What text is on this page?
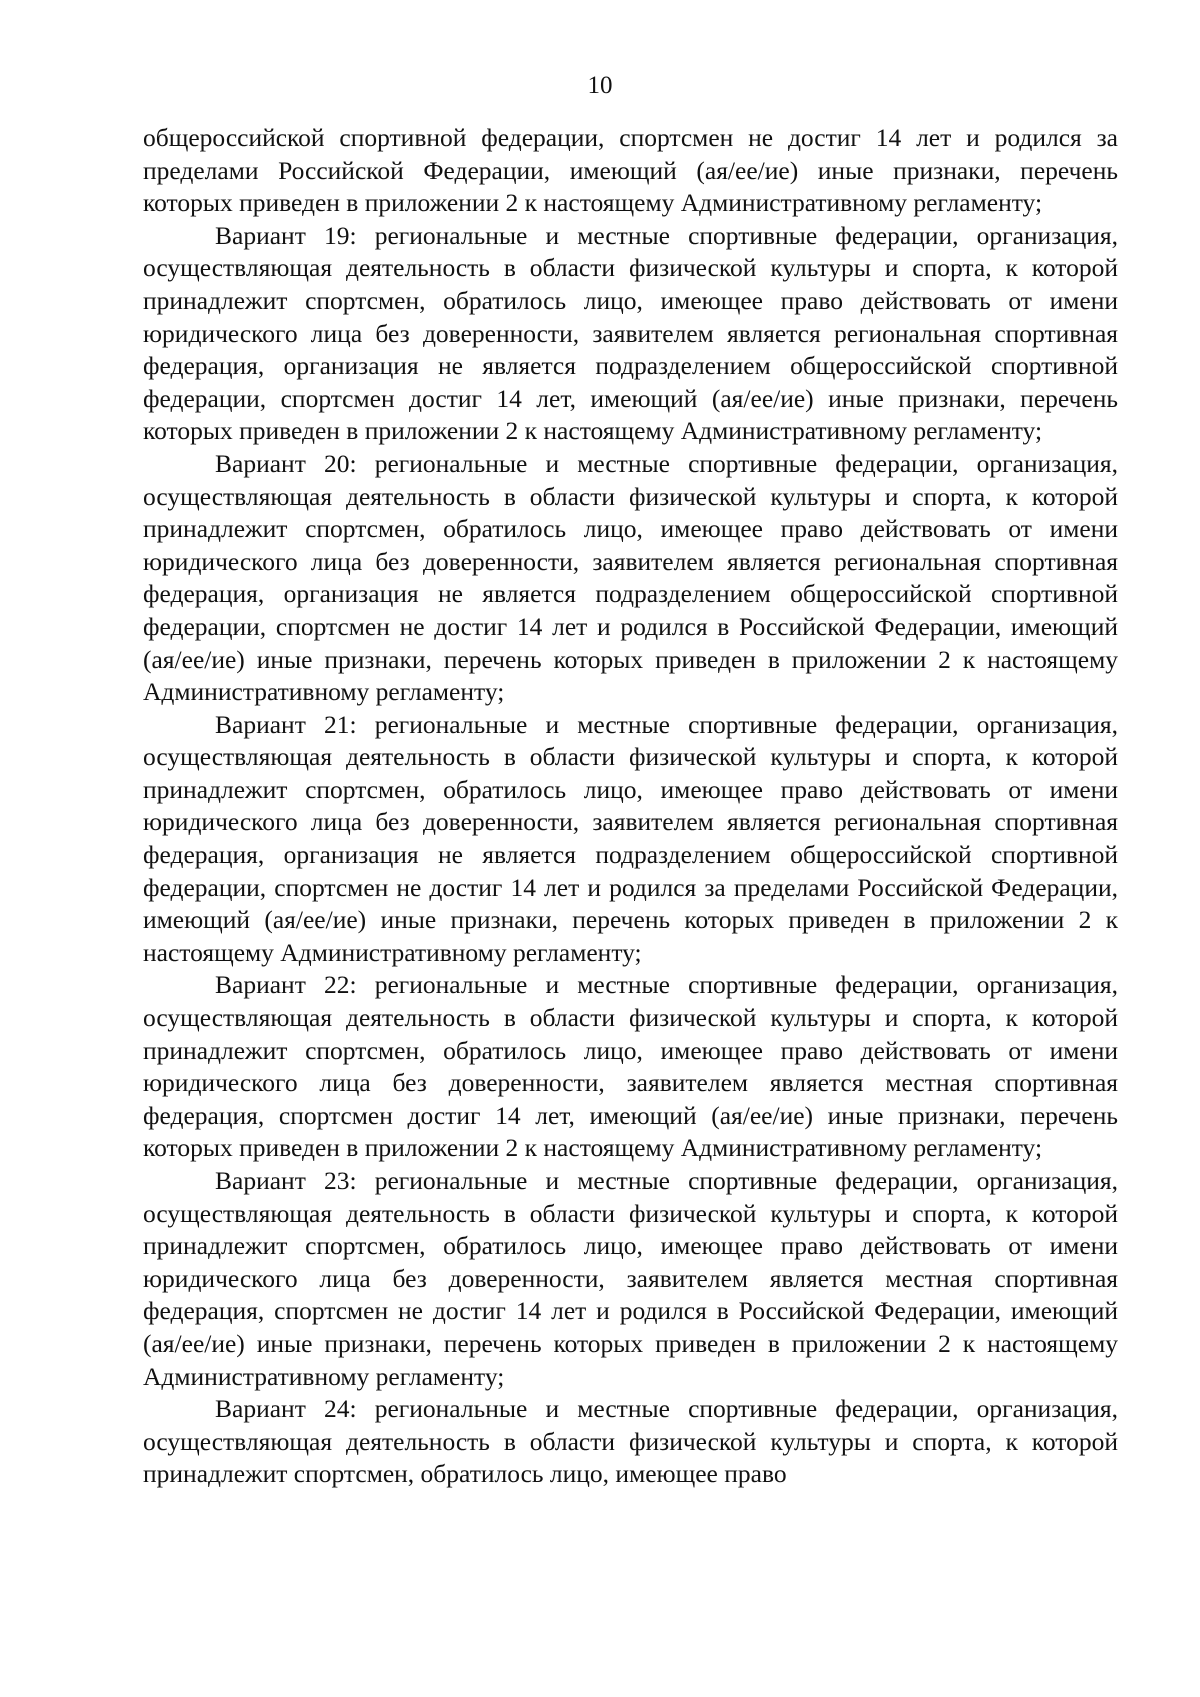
10

общероссийской спортивной федерации, спортсмен не достиг 14 лет и родился за пределами Российской Федерации, имеющий (ая/ее/ие) иные признаки, перечень которых приведен в приложении 2 к настоящему Административному регламенту;

Вариант 19: региональные и местные спортивные федерации, организация, осуществляющая деятельность в области физической культуры и спорта, к которой принадлежит спортсмен, обратилось лицо, имеющее право действовать от имени юридического лица без доверенности, заявителем является региональная спортивная федерация, организация не является подразделением общероссийской спортивной федерации, спортсмен достиг 14 лет, имеющий (ая/ее/ие) иные признаки, перечень которых приведен в приложении 2 к настоящему Административному регламенту;

Вариант 20: региональные и местные спортивные федерации, организация, осуществляющая деятельность в области физической культуры и спорта, к которой принадлежит спортсмен, обратилось лицо, имеющее право действовать от имени юридического лица без доверенности, заявителем является региональная спортивная федерация, организация не является подразделением общероссийской спортивной федерации, спортсмен не достиг 14 лет и родился в Российской Федерации, имеющий (ая/ее/ие) иные признаки, перечень которых приведен в приложении 2 к настоящему Административному регламенту;

Вариант 21: региональные и местные спортивные федерации, организация, осуществляющая деятельность в области физической культуры и спорта, к которой принадлежит спортсмен, обратилось лицо, имеющее право действовать от имени юридического лица без доверенности, заявителем является региональная спортивная федерация, организация не является подразделением общероссийской спортивной федерации, спортсмен не достиг 14 лет и родился за пределами Российской Федерации, имеющий (ая/ее/ие) иные признаки, перечень которых приведен в приложении 2 к настоящему Административному регламенту;

Вариант 22: региональные и местные спортивные федерации, организация, осуществляющая деятельность в области физической культуры и спорта, к которой принадлежит спортсмен, обратилось лицо, имеющее право действовать от имени юридического лица без доверенности, заявителем является местная спортивная федерация, спортсмен достиг 14 лет, имеющий (ая/ее/ие) иные признаки, перечень которых приведен в приложении 2 к настоящему Административному регламенту;

Вариант 23: региональные и местные спортивные федерации, организация, осуществляющая деятельность в области физической культуры и спорта, к которой принадлежит спортсмен, обратилось лицо, имеющее право действовать от имени юридического лица без доверенности, заявителем является местная спортивная федерация, спортсмен не достиг 14 лет и родился в Российской Федерации, имеющий (ая/ее/ие) иные признаки, перечень которых приведен в приложении 2 к настоящему Административному регламенту;

Вариант 24: региональные и местные спортивные федерации, организация, осуществляющая деятельность в области физической культуры и спорта, к которой принадлежит спортсмен, обратилось лицо, имеющее право
